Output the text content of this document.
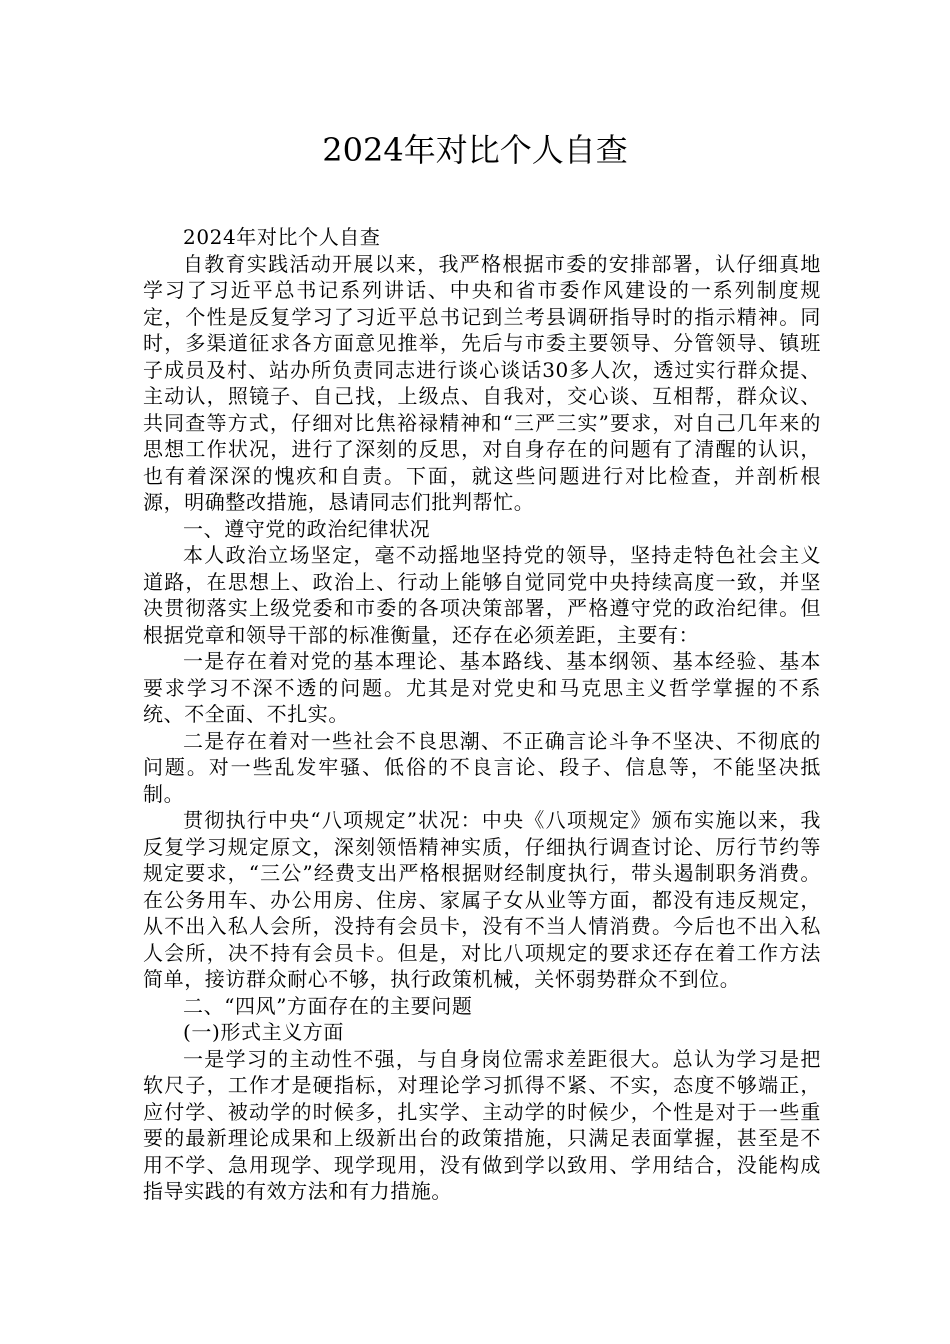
2024年对比个人自查

2024年对比个人自查

自教育实践活动开展以来，我严格根据市委的安排部署，认仔细真地学习了习近平总书记系列讲话、中央和省市委作风建设的一系列制度规定，个性是反复学习了习近平总书记到兰考县调研指导时的指示精神。同时，多渠道征求各方面意见推举，先后与市委主要领导、分管领导、镇班子成员及村、站办所负责同志进行谈心谈话30多人次，透过实行群众提、主动认，照镜子、自己找，上级点、自我对，交心谈、互相帮，群众议、共同查等方式，仔细对比焦裕禄精神和“三严三实”要求，对自己几年来的思想工作状况，进行了深刻的反思，对自身存在的问题有了清醒的认识，也有着深深的愧疚和自责。下面，就这些问题进行对比检查，并剖析根源，明确整改措施，恳请同志们批判帮忙。

一、遵守党的政治纪律状况

本人政治立场坚定，毫不动摇地坚持党的领导，坚持走特色社会主义道路，在思想上、政治上、行动上能够自觉同党中央持续高度一致，并坚决贯彻落实上级党委和市委的各项决策部署，严格遵守党的政治纪律。但根据党章和领导干部的标准衡量，还存在必须差距，主要有：

一是存在着对党的基本理论、基本路线、基本纲领、基本经验、基本要求学习不深不透的问题。尤其是对党史和马克思主义哲学掌握的不系统、不全面、不扎实。

二是存在着对一些社会不良思潮、不正确言论斗争不坚决、不彻底的问题。对一些乱发牢骚、低俗的不良言论、段子、信息等，不能坚决抵制。

贯彻执行中央“八项规定”状况：中央《八项规定》颁布实施以来，我反复学习规定原文，深刻领悟精神实质，仔细执行调查讨论、厉行节约等规定要求，“三公”经费支出严格根据财经制度执行，带头遏制职务消费。在公务用车、办公用房、住房、家属子女从业等方面，都没有违反规定，从不出入私人会所，没持有会员卡，没有不当人情消费。今后也不出入私人会所，决不持有会员卡。但是，对比八项规定的要求还存在着工作方法简单，接访群众耐心不够，执行政策机械，关怀弱势群众不到位。

二、“四风”方面存在的主要问题

(一)形式主义方面

一是学习的主动性不强，与自身岗位需求差距很大。总认为学习是把软尺子，工作才是硬指标，对理论学习抓得不紧、不实，态度不够端正，应付学、被动学的时候多，扎实学、主动学的时候少，个性是对于一些重要的最新理论成果和上级新出台的政策措施，只满足表面掌握，甚至是不用不学、急用现学、现学现用，没有做到学以致用、学用结合，没能构成指导实践的有效方法和有力措施。
